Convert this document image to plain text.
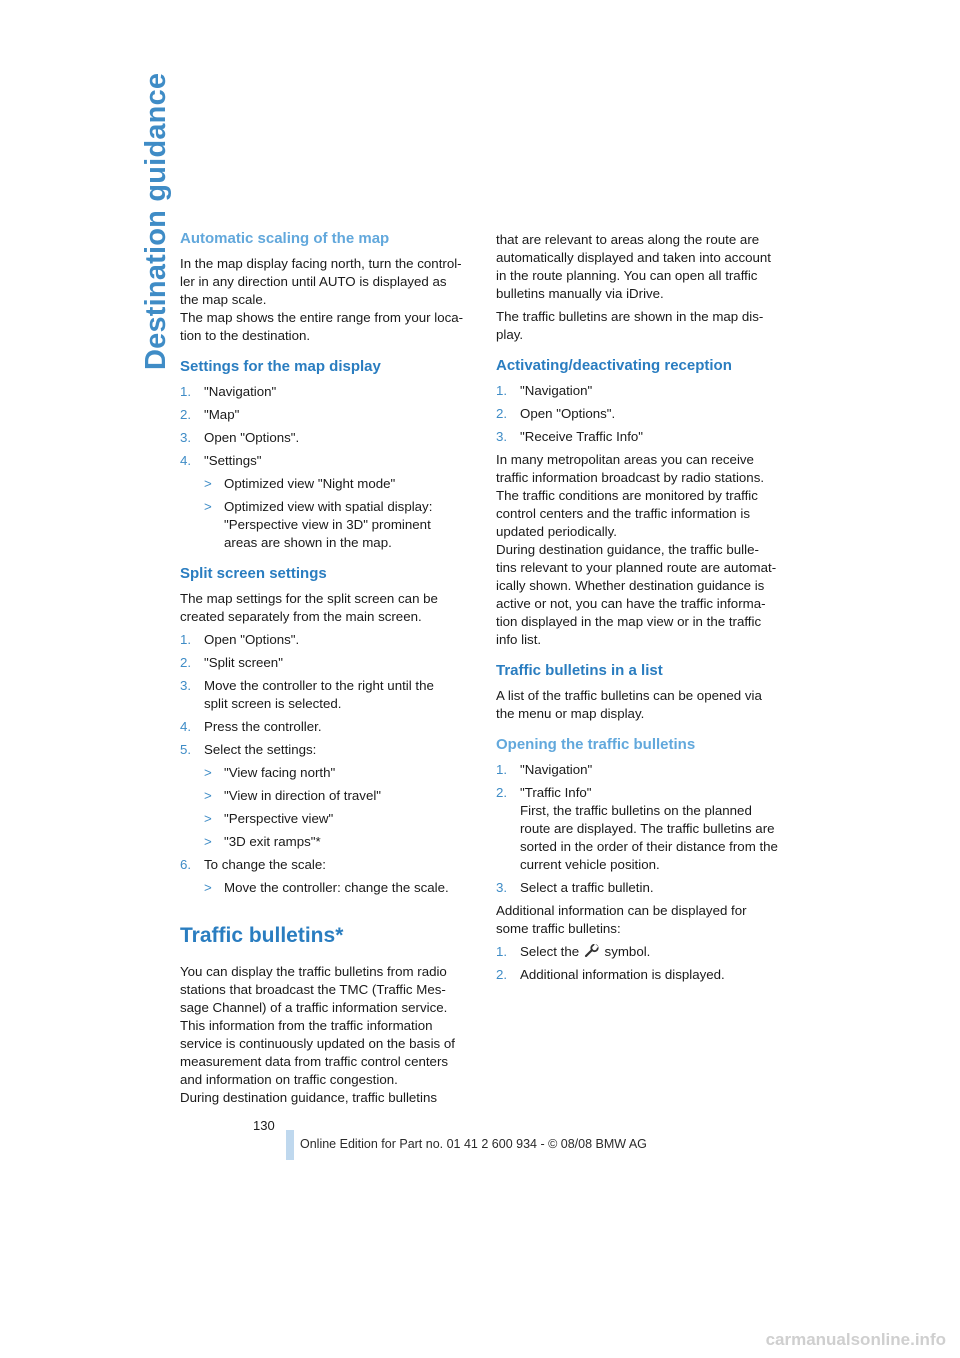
Destination guidance Automatic scaling of the map

In the map display facing north, turn the control-
ler in any direction until AUTO is displayed as
the map scale.
The map shows the entire range from your loca-
tion to the destination.

Settings for the map display
1. "Navigation"
2. "Map"
3. Open "Options".
4. "Settings"
> Optimized view "Night mode"
> Optimized view with spatial display:
"Perspective view in 3D" prominent
areas are shown in the map.
Split screen settings

The map settings for the split screen can be
created separately from the main screen.

1. Open "Options".
2. "Split screen"
3. Move the controller to the right until the
split screen is selected.
4. Press the controller.
5. Select the settings:
> "View facing north"
> "View in direction of travel"
> "Perspective view"
> "3D exit ramps"*
6. To change the scale:
> Move the controller: change the scale.
Traffic bulletins*

You can display the traffic bulletins from radio
stations that broadcast the TMC (Traffic Mes-
sage Channel) of a traffic information service.
This information from the traffic information
service is continuously updated on the basis of
measurement data from traffic control centers
and information on traffic congestion.
During destination guidance, traffic bulletins

that are relevant to areas along the route are
automatically displayed and taken into account
in the route planning. You can open all traffic
bulletins manually via iDrive.

The traffic bulletins are shown in the map dis-
play.

Activating/deactivating reception
1. "Navigation"
2. Open "Options".
3. "Receive Traffic Info"

In many metropolitan areas you can receive
traffic information broadcast by radio stations.
The traffic conditions are monitored by traffic
control centers and the traffic information is
updated periodically.
During destination guidance, the traffic bulle-
tins relevant to your planned route are automat-
ically shown. Whether destination guidance is
active or not, you can have the traffic informa-
tion displayed in the map view or in the traffic
info list.

Traffic bulletins in a list

A list of the traffic bulletins can be opened via
the menu or map display.

Opening the traffic bulletins
1. "Navigation"
2. "Traffic Info"
First, the traffic bulletins on the planned
route are displayed. The traffic bulletins are
sorted in the order of their distance from the
current vehicle position.
3. Select a traffic bulletin.

Additional information can be displayed for
some traffic bulletins:

1. Select the symbol.
2. Additional information is displayed.
130
Online Edition for Part no. 01 41 2 600 934 - © 08/08 BMW AG
carmanualsonline.info
